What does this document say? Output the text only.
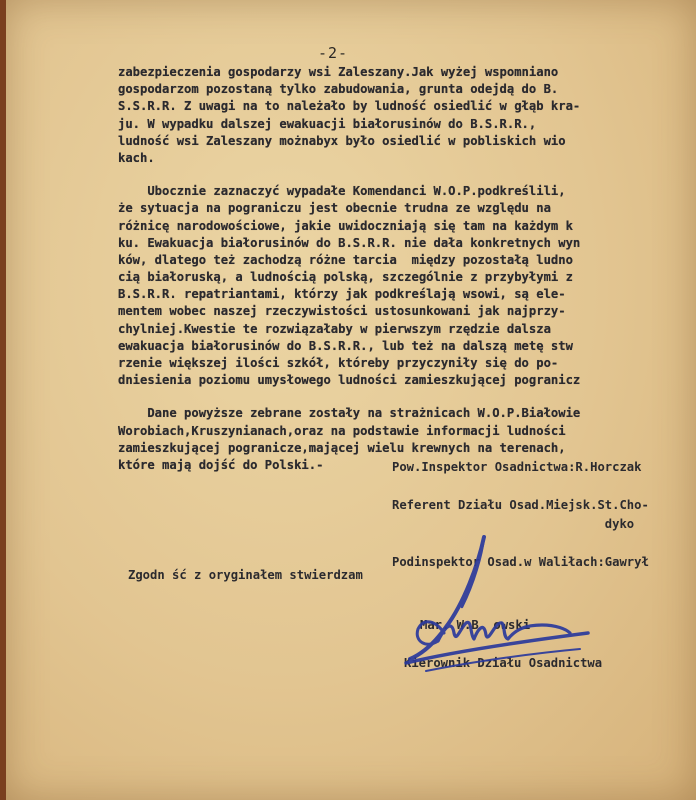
-2-
zabezpieczenia gospodarzy wsi Zaleszany.Jak wyżej wspomniano
gospodarzom pozostaną tylko zabudowania, grunta odejdą do B.
S.S.R.R. Z uwagi na to należało by ludność osiedlić w głąb kra-
ju. W wypadku dalszej ewakuacji białorusinów do B.S.R.R.,
ludność wsi Zaleszany możnabyx było osiedlić w pobliskich wio
kach.
Ubocznie zaznaczyć wypadałe Komendanci W.O.P.podkreślili,
że sytuacja na pograniczu jest obecnie trudna ze względu na
różnicę narodowościowe, jakie uwidoczniają się tam na każdym k
ku. Ewakuacja białorusinów do B.S.R.R. nie dała konkretnych wyn
ków, dlatego też zachodzą różne tarcia  między pozostałą ludno
cią białoruską, a ludnością polską, szczególnie z przybyłymi z
B.S.R.R. repatriantami, którzy jak podkreślają wsowi, są ele-
mentem wobec naszej rzeczywistości ustosunkowani jak najprzy-
chylniej.Kwestie te rozwiązałaby w pierwszym rzędzie dalsza
ewakuacja białorusinów do B.S.R.R., lub też na dalszą metę stw
rzenie większej ilości szkół, któreby przyczyniły się do po-
dniesienia poziomu umysłowego ludności zamieszkującej pogranicz
Dane powyższe zebrane zostały na strażnicach W.O.P.Białowie
Worobiach,Kruszynianach,oraz na podstawie informacji ludności
zamieszkującej pogranicze,mającej wielu krewnych na terenach,
które mają dojść do Polski.-	Pow.Inspektor Osadnictwa:R.Horczak
Referent Działu Osad.Miejsk.St.Cho-
dyko
Podinspektor Osad.w Waliłach:Gawrył
Zgodn ść z oryginałem stwierdzam
Mar. W.B  owski
Kierownik Działu Osadnictwa
